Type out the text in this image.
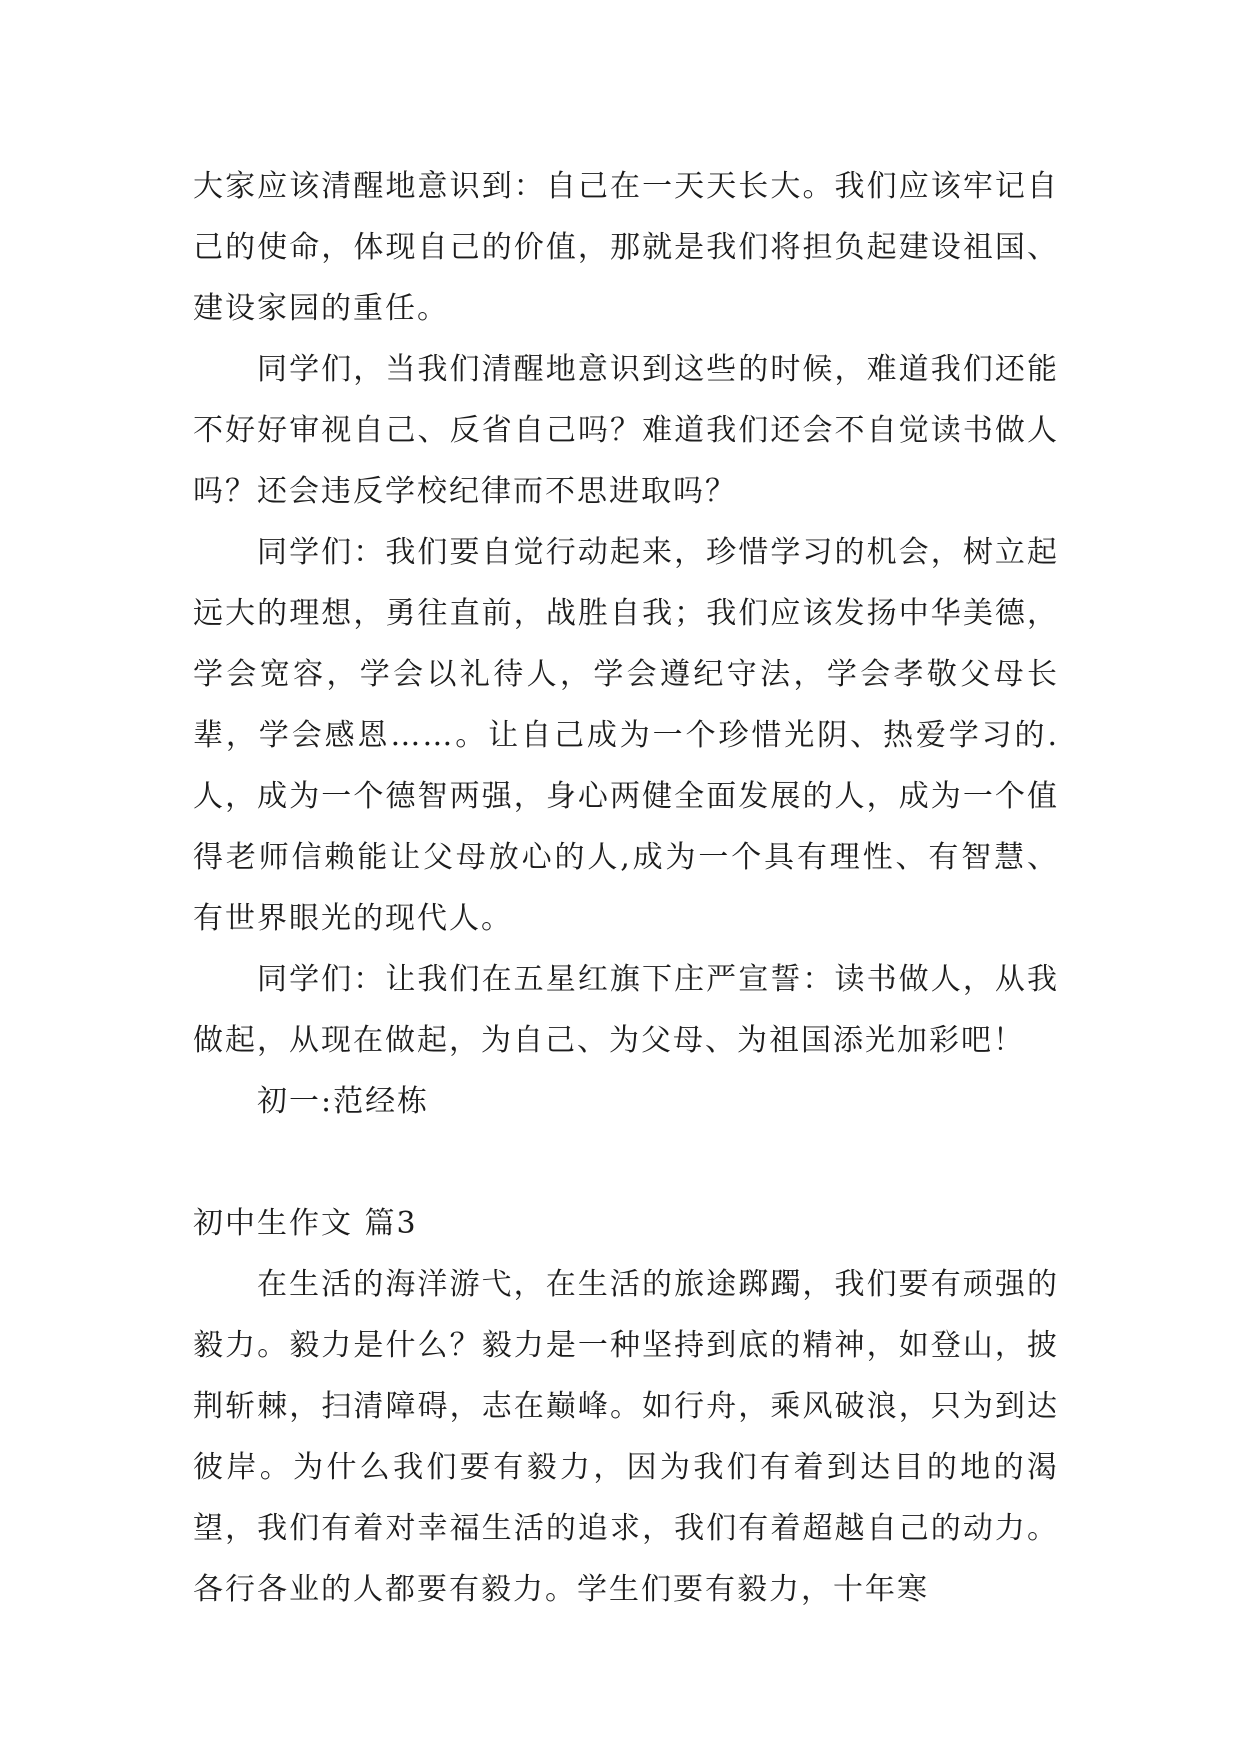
大家应该清醒地意识到：自己在一天天长大。我们应该牢记自己的使命，体现自己的价值，那就是我们将担负起建设祖国、建设家园的重任。

同学们，当我们清醒地意识到这些的时候，难道我们还能不好好审视自己、反省自己吗？难道我们还会不自觉读书做人吗？还会违反学校纪律而不思进取吗？

同学们：我们要自觉行动起来，珍惜学习的机会，树立起远大的理想，勇往直前，战胜自我；我们应该发扬中华美德，学会宽容，学会以礼待人，学会遵纪守法，学会孝敬父母长辈，学会感恩……。让自己成为一个珍惜光阴、热爱学习的.人，成为一个德智两强，身心两健全面发展的人，成为一个值得老师信赖能让父母放心的人,成为一个具有理性、有智慧、有世界眼光的现代人。

同学们：让我们在五星红旗下庄严宣誓：读书做人，从我做起，从现在做起，为自己、为父母、为祖国添光加彩吧！

初一:范经栋

初中生作文 篇3

在生活的海洋游弋，在生活的旅途踯躅，我们要有顽强的毅力。毅力是什么？毅力是一种坚持到底的精神，如登山，披荆斩棘，扫清障碍，志在巅峰。如行舟，乘风破浪，只为到达彼岸。为什么我们要有毅力，因为我们有着到达目的地的渴望，我们有着对幸福生活的追求，我们有着超越自己的动力。各行各业的人都要有毅力。学生们要有毅力，十年寒
